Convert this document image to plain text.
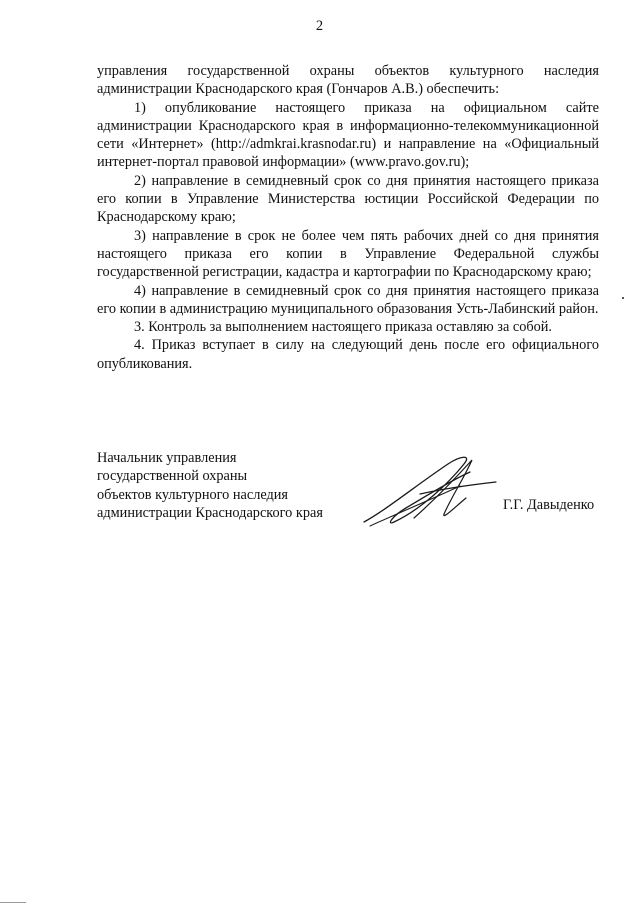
2

управления государственной охраны объектов культурного наследия администрации Краснодарского края (Гончаров А.В.) обеспечить:

1) опубликование настоящего приказа на официальном сайте администрации Краснодарского края в информационно-телекоммуникационной сети «Интернет» (http://admkrai.krasnodar.ru) и направление на «Официальный интернет-портал правовой информации» (www.pravo.gov.ru);

2) направление в семидневный срок со дня принятия настоящего приказа его копии в Управление Министерства юстиции Российской Федерации по Краснодарскому краю;

3) направление в срок не более чем пять рабочих дней со дня принятия настоящего приказа его копии в Управление Федеральной службы государственной регистрации, кадастра и картографии по Краснодарскому краю;

4) направление в семидневный срок со дня принятия настоящего приказа его копии в администрацию муниципального образования Усть-Лабинский район.

3. Контроль за выполнением настоящего приказа оставляю за собой.

4. Приказ вступает в силу на следующий день после его официального опубликования.

Начальник управления
государственной охраны
объектов культурного наследия
администрации Краснодарского края	Г.Г. Давыденко
